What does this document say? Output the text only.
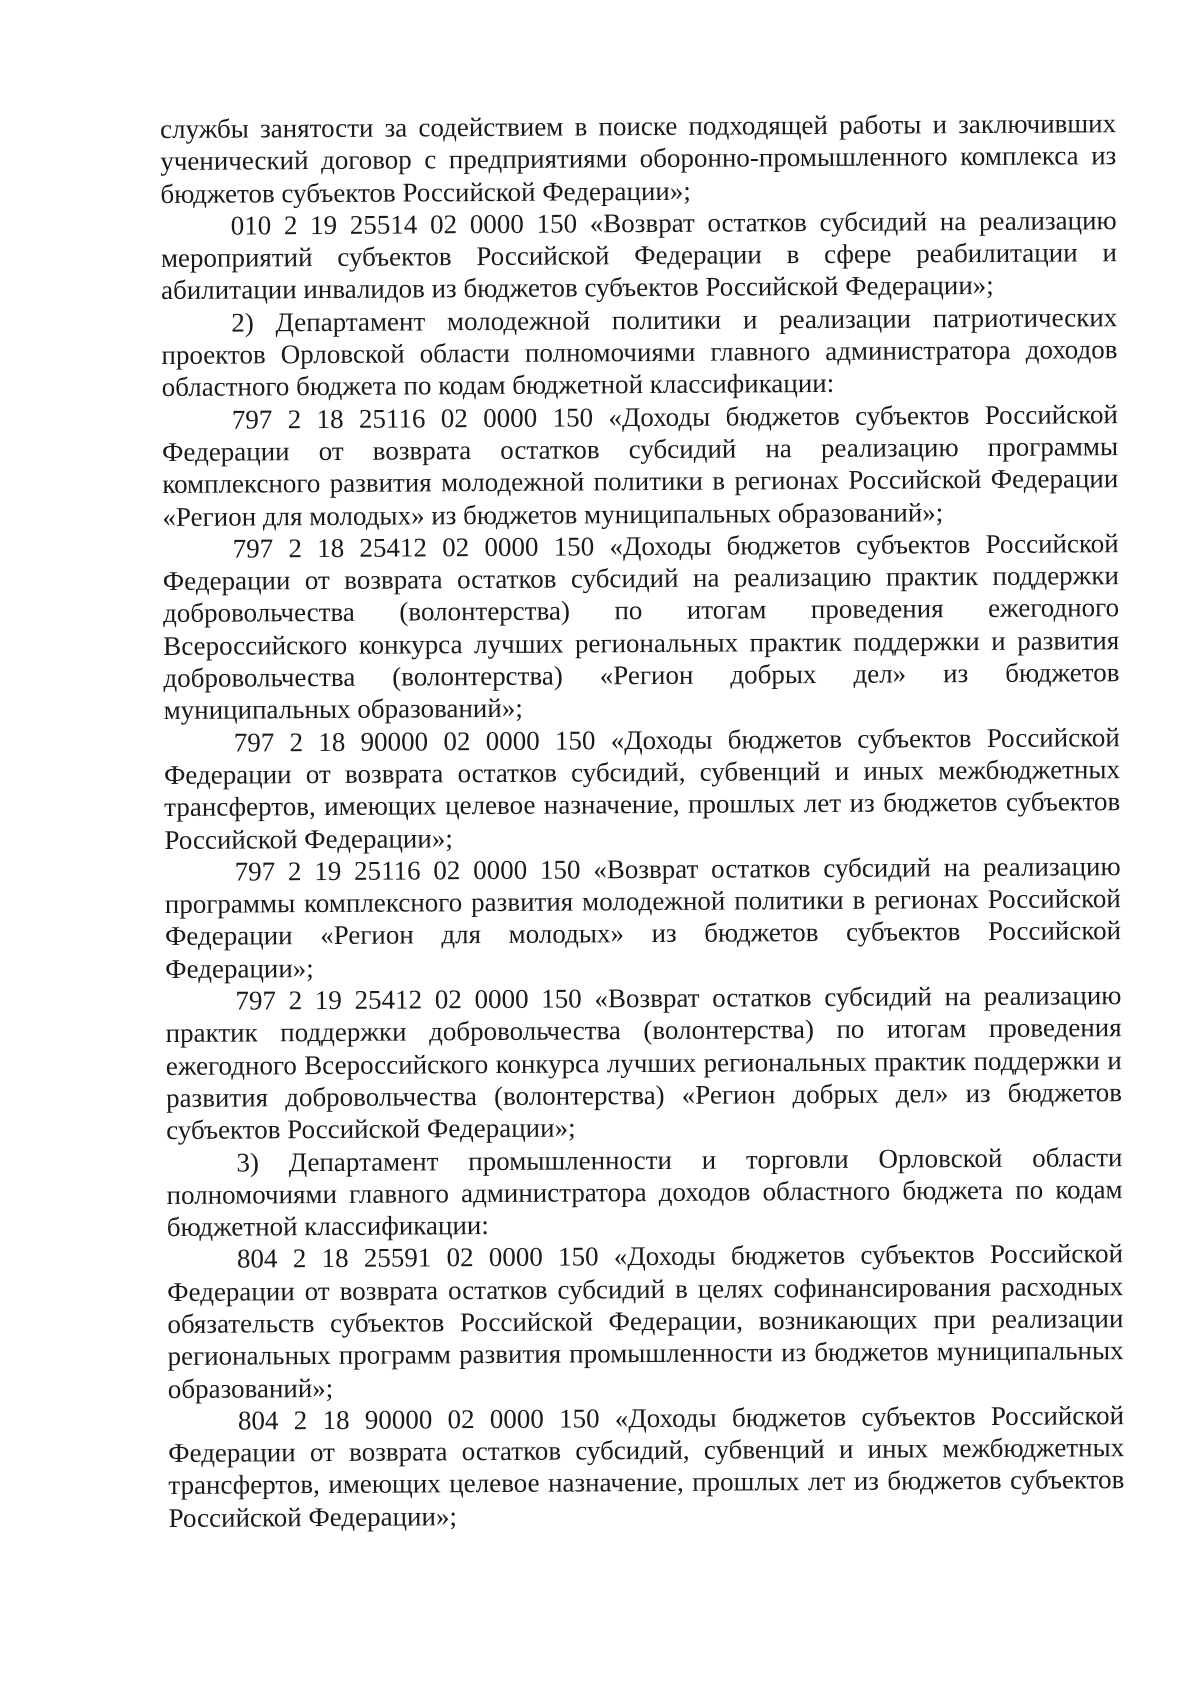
службы занятости за содействием в поиске подходящей работы и заключивших ученический договор с предприятиями оборонно-промышленного комплекса из бюджетов субъектов Российской Федерации»;

010 2 19 25514 02 0000 150 «Возврат остатков субсидий на реализацию мероприятий субъектов Российской Федерации в сфере реабилитации и абилитации инвалидов из бюджетов субъектов Российской Федерации»;

2) Департамент молодежной политики и реализации патриотических проектов Орловской области полномочиями главного администратора доходов областного бюджета по кодам бюджетной классификации:

797 2 18 25116 02 0000 150 «Доходы бюджетов субъектов Российской Федерации от возврата остатков субсидий на реализацию программы комплексного развития молодежной политики в регионах Российской Федерации «Регион для молодых» из бюджетов муниципальных образований»;

797 2 18 25412 02 0000 150 «Доходы бюджетов субъектов Российской Федерации от возврата остатков субсидий на реализацию практик поддержки добровольчества (волонтерства) по итогам проведения ежегодного Всероссийского конкурса лучших региональных практик поддержки и развития добровольчества (волонтерства) «Регион добрых дел» из бюджетов муниципальных образований»;

797 2 18 90000 02 0000 150 «Доходы бюджетов субъектов Российской Федерации от возврата остатков субсидий, субвенций и иных межбюджетных трансфертов, имеющих целевое назначение, прошлых лет из бюджетов субъектов Российской Федерации»;

797 2 19 25116 02 0000 150 «Возврат остатков субсидий на реализацию программы комплексного развития молодежной политики в регионах Российской Федерации «Регион для молодых» из бюджетов субъектов Российской Федерации»;

797 2 19 25412 02 0000 150 «Возврат остатков субсидий на реализацию практик поддержки добровольчества (волонтерства) по итогам проведения ежегодного Всероссийского конкурса лучших региональных практик поддержки и развития добровольчества (волонтерства) «Регион добрых дел» из бюджетов субъектов Российской Федерации»;

3) Департамент промышленности и торговли Орловской области полномочиями главного администратора доходов областного бюджета по кодам бюджетной классификации:

804 2 18 25591 02 0000 150 «Доходы бюджетов субъектов Российской Федерации от возврата остатков субсидий в целях софинансирования расходных обязательств субъектов Российской Федерации, возникающих при реализации региональных программ развития промышленности из бюджетов муниципальных образований»;

804 2 18 90000 02 0000 150 «Доходы бюджетов субъектов Российской Федерации от возврата остатков субсидий, субвенций и иных межбюджетных трансфертов, имеющих целевое назначение, прошлых лет из бюджетов субъектов Российской Федерации»;
